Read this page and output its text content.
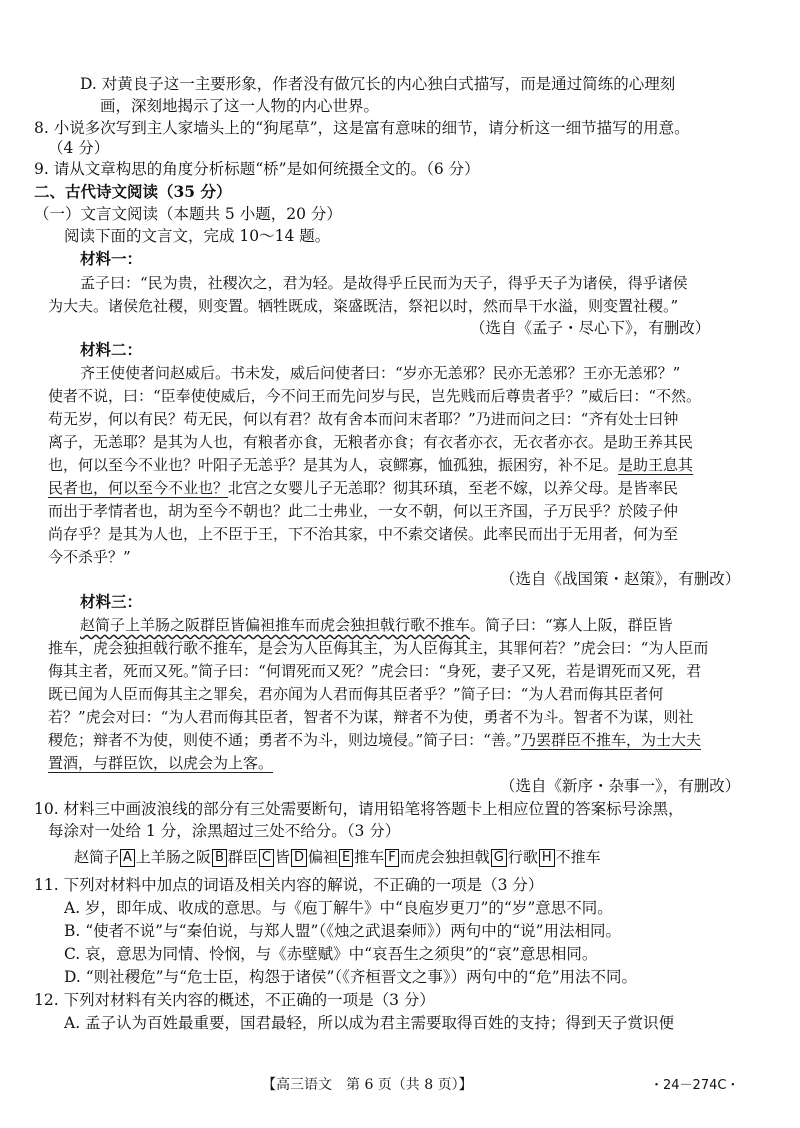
D. 对黄良子这一主要形象，作者没有做冗长的内心独白式描写，而是通过简练的心理刻
画，深刻地揭示了这一人物的内心世界。
8. 小说多次写到主人家墙头上的“狗尾草”，这是富有意味的细节，请分析这一细节描写的用意。
（4 分）
9. 请从文章构思的角度分析标题“桥”是如何统摄全文的。（6 分）
二、古代诗文阅读（35 分）
（一）文言文阅读（本题共 5 小题，20 分）
阅读下面的文言文，完成 10～14 题。
材料一：
孟子曰：“民为贵，社稷次之，君为轻。是故得乎丘民而为天子，得乎天子为诸侯，得乎诸侯
为大夫。诸侯危社稷，则变置。牺牲既成，粢盛既洁，祭祀以时，然而旱干水溢，则变置社稷。”
（选自《孟子・尽心下》，有删改）
材料二：
齐王使使者问赵威后。书未发，威后问使者曰：“岁亦无恙邪？民亦无恙邪？王亦无恙邪？”
使者不说，曰：“臣奉使使威后，今不问王而先问岁与民，岂先贱而后尊贵者乎？”威后曰：“不然。
苟无岁，何以有民？苟无民，何以有君？故有舍本而问末者耶？”乃进而问之曰：“齐有处士曰钟
离子，无恙耶？是其为人也，有粮者亦食，无粮者亦食；有衣者亦衣，无衣者亦衣。是助王养其民
也，何以至今不业也？叶阳子无恙乎？是其为人，哀鳏寡，恤孤独，振困穷，补不足。是助王息其
民者也，何以至今不业也？北宫之女婴儿子无恙耶？彻其环瑱，至老不嫁，以养父母。是皆率民
而出于孝情者也，胡为至今不朝也？此二士弗业，一女不朝，何以王齐国，子万民乎？於陵子仲
尚存乎？是其为人也，上不臣于王，下不治其家，中不索交诸侯。此率民而出于无用者，何为至
今不杀乎？”
（选自《战国策・赵策》，有删改）
材料三：
赵简子上羊肠之阪群臣皆偏袒推车而虎会独担戟行歌不推车。简子曰：“寡人上阪，群臣皆
推车，虎会独担戟行歌不推车，是会为人臣侮其主，为人臣侮其主，其罪何若？”虎会曰：“为人臣而
侮其主者，死而又死。”简子曰：“何谓死而又死？”虎会曰：“身死，妻子又死，若是谓死而又死，君
既已闻为人臣而侮其主之罪矣，君亦闻为人君而侮其臣者乎？”简子曰：“为人君而侮其臣者何
若？”虎会对曰：“为人君而侮其臣者，智者不为谋，辩者不为使，勇者不为斗。智者不为谋，则社
稷危；辩者不为使，则使不通；勇者不为斗，则边境侵。”简子曰：“善。”乃罢群臣不推车，为士大夫
置酒，与群臣饮，以虎会为上客。
（选自《新序・杂事一》，有删改）
10. 材料三中画波浪线的部分有三处需要断句，请用铅笔将答题卡上相应位置的答案标号涂黑，
每涂对一处给 1 分，涂黑超过三处不给分。（3 分）
赵简子 A 上羊肠之阪 B 群臣 C 皆 D 偏袒 E 推车 F 而虎会独担戟 G 行歌 H 不推车
11. 下列对材料中加点的词语及相关内容的解说，不正确的一项是（3 分）
A. 岁，即年成、收成的意思。与《庖丁解牛》中“良庖岁更刀”的“岁”意思不同。
B. “使者不说”与“秦伯说，与郑人盟”（《烛之武退秦师》）两句中的“说”用法相同。
C. 哀，意思为同情、怜悯，与《赤壁赋》中“哀吾生之须臾”的“哀”意思相同。
D. “则社稷危”与“危士臣，构怨于诸侯”（《齐桓晋文之事》）两句中的“危”用法不同。
12. 下列对材料有关内容的概述，不正确的一项是（3 分）
A. 孟子认为百姓最重要，国君最轻，所以成为君主需要取得百姓的支持；得到天子赏识便
【高三语文　第 6 页（共 8 页）】	・24－274C・
